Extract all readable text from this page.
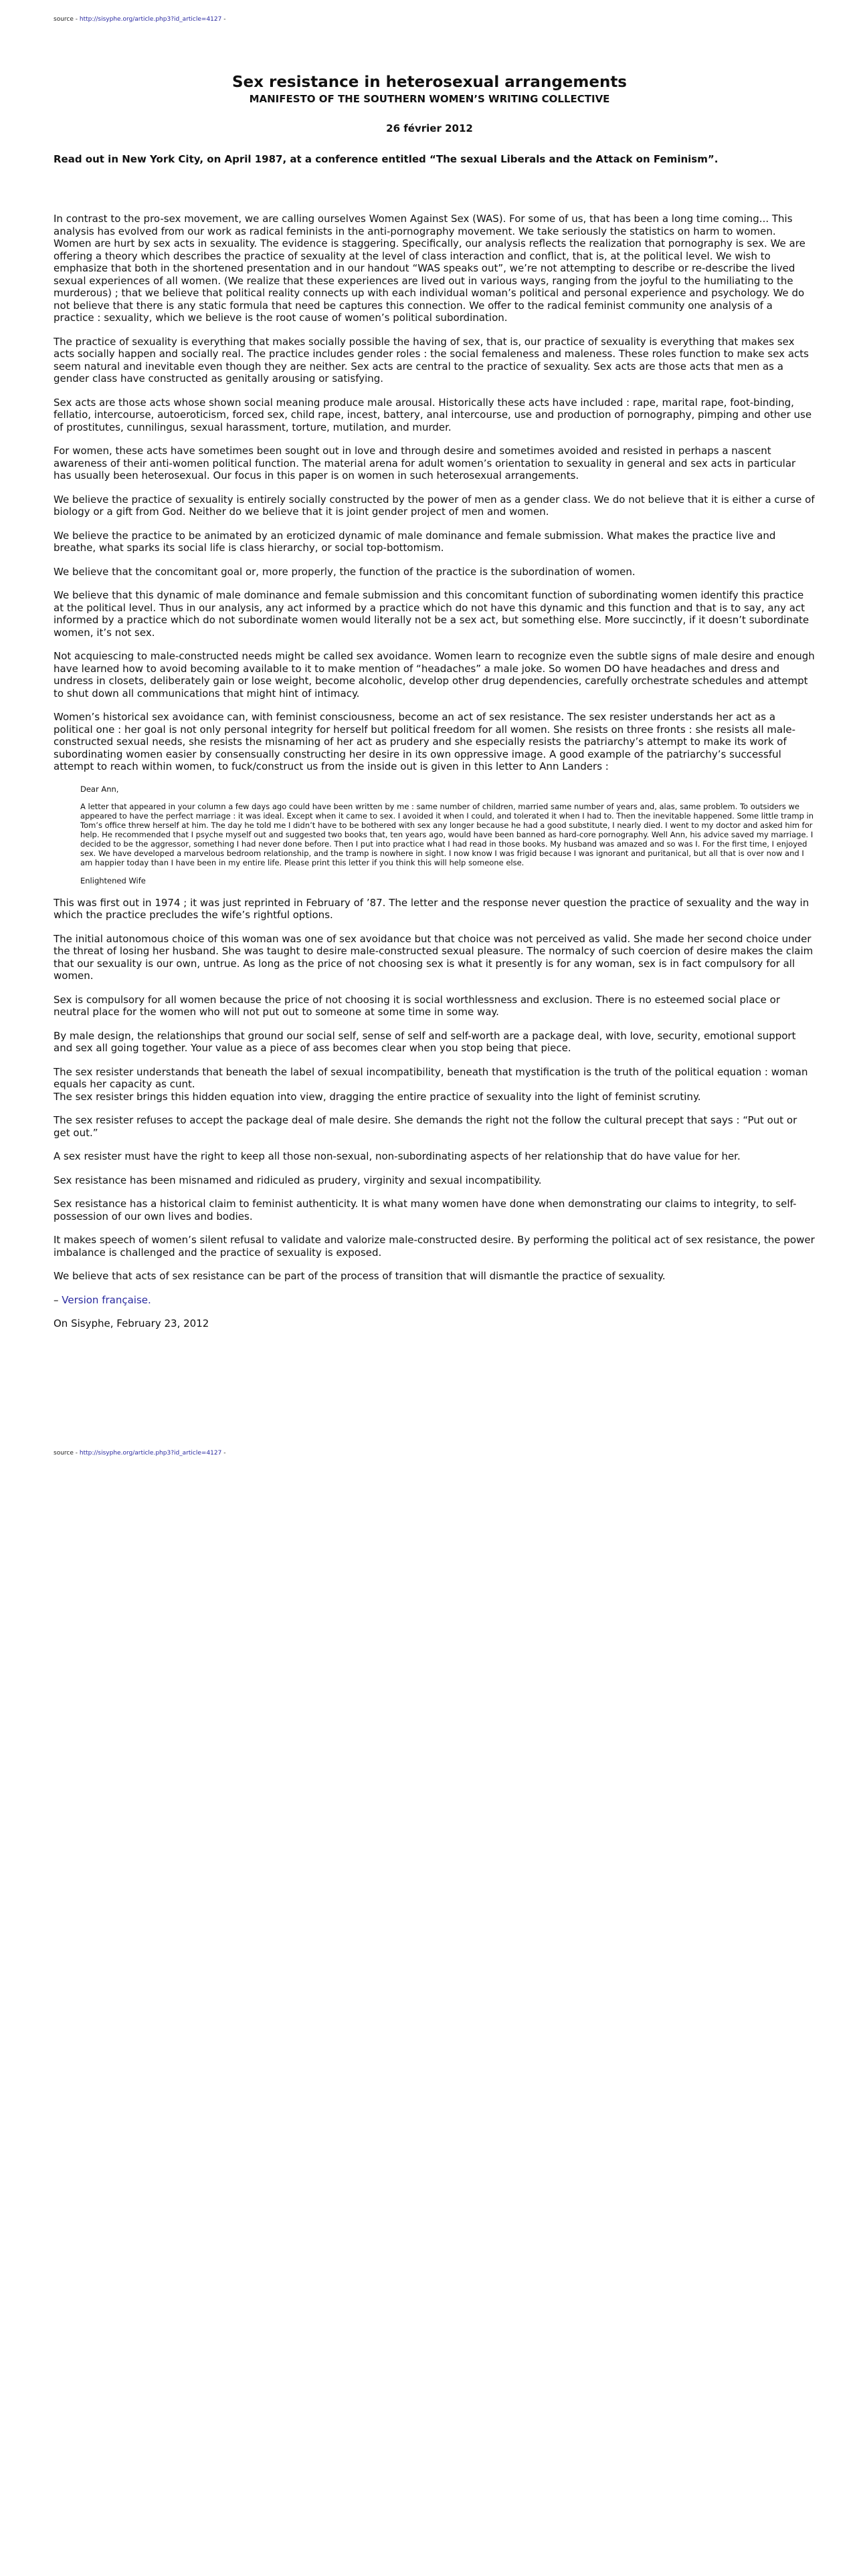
source - http://sisyphe.org/article.php3?id_article=4127 -
Sex resistance in heterosexual arrangements
MANIFESTO OF THE SOUTHERN WOMEN’S WRITING COLLECTIVE
26 février 2012

Read out in New York City, on April 1987, at a conference entitled “The sexual Liberals and the Attack on Feminism”.

In contrast to the pro-sex movement, we are calling ourselves Women Against Sex (WAS). For some of us, that has been a long time coming... This analysis has evolved from our work as radical feminists in the anti-pornography movement. We take seriously the statistics on harm to women. Women are hurt by sex acts in sexuality. The evidence is staggering. Specifically, our analysis reflects the realization that pornography is sex. We are offering a theory which describes the practice of sexuality at the level of class interaction and conflict, that is, at the political level. We wish to emphasize that both in the shortened presentation and in our handout “WAS speaks out”, we’re not attempting to describe or re-describe the lived sexual experiences of all women. (We realize that these experiences are lived out in various ways, ranging from the joyful to the humiliating to the murderous) ; that we believe that political reality connects up with each individual woman’s political and personal experience and psychology. We do not believe that there is any static formula that need be captures this connection. We offer to the radical feminist community one analysis of a practice : sexuality, which we believe is the root cause of women’s political subordination.

The practice of sexuality is everything that makes socially possible the having of sex, that is, our practice of sexuality is everything that makes sex acts socially happen and socially real. The practice includes gender roles : the social femaleness and maleness. These roles function to make sex acts seem natural and inevitable even though they are neither. Sex acts are central to the practice of sexuality. Sex acts are those acts that men as a gender class have constructed as genitally arousing or satisfying.

Sex acts are those acts whose shown social meaning produce male arousal. Historically these acts have included : rape, marital rape, foot-binding, fellatio, intercourse, autoeroticism, forced sex, child rape, incest, battery, anal intercourse, use and production of pornography, pimping and other use of prostitutes, cunnilingus, sexual harassment, torture, mutilation, and murder.

For women, these acts have sometimes been sought out in love and through desire and sometimes avoided and resisted in perhaps a nascent awareness of their anti-women political function. The material arena for adult women’s orientation to sexuality in general and sex acts in particular has usually been heterosexual. Our focus in this paper is on women in such heterosexual arrangements.

We believe the practice of sexuality is entirely socially constructed by the power of men as a gender class. We do not believe that it is either a curse of biology or a gift from God. Neither do we believe that it is joint gender project of men and women.

We believe the practice to be animated by an eroticized dynamic of male dominance and female submission. What makes the practice live and breathe, what sparks its social life is class hierarchy, or social top-bottomism.

We believe that the concomitant goal or, more properly, the function of the practice is the subordination of women.

We believe that this dynamic of male dominance and female submission and this concomitant function of subordinating women identify this practice at the political level. Thus in our analysis, any act informed by a practice which do not have this dynamic and this function and that is to say, any act informed by a practice which do not subordinate women would literally not be a sex act, but something else. More succinctly, if it doesn’t subordinate women, it’s not sex.

Not acquiescing to male-constructed needs might be called sex avoidance. Women learn to recognize even the subtle signs of male desire and enough have learned how to avoid becoming available to it to make mention of “headaches” a male joke. So women DO have headaches and dress and undress in closets, deliberately gain or lose weight, become alcoholic, develop other drug dependencies, carefully orchestrate schedules and attempt to shut down all communications that might hint of intimacy.

Women’s historical sex avoidance can, with feminist consciousness, become an act of sex resistance. The sex resister understands her act as a political one : her goal is not only personal integrity for herself but political freedom for all women. She resists on three fronts : she resists all male-constructed sexual needs, she resists the misnaming of her act as prudery and she especially resists the patriarchy’s attempt to make its work of subordinating women easier by consensually constructing her desire in its own oppressive image. A good example of the patriarchy’s successful attempt to reach within women, to fuck/construct us from the inside out is given in this letter to Ann Landers :

Dear Ann,

A letter that appeared in your column a few days ago could have been written by me : same number of children, married same number of years and, alas, same problem. To outsiders we appeared to have the perfect marriage : it was ideal. Except when it came to sex. I avoided it when I could, and tolerated it when I had to. Then the inevitable happened. Some little tramp in Tom’s office threw herself at him. The day he told me I didn’t have to be bothered with sex any longer because he had a good substitute, I nearly died. I went to my doctor and asked him for help. He recommended that I psyche myself out and suggested two books that, ten years ago, would have been banned as hard-core pornography. Well Ann, his advice saved my marriage. I decided to be the aggressor, something I had never done before. Then I put into practice what I had read in those books. My husband was amazed and so was I. For the first time, I enjoyed sex. We have developed a marvelous bedroom relationship, and the tramp is nowhere in sight. I now know I was frigid because I was ignorant and puritanical, but all that is over now and I am happier today than I have been in my entire life. Please print this letter if you think this will help someone else.

Enlightened Wife

This was first out in 1974 ; it was just reprinted in February of ’87. The letter and the response never question the practice of sexuality and the way in which the practice precludes the wife’s rightful options.

The initial autonomous choice of this woman was one of sex avoidance but that choice was not perceived as valid. She made her second choice under the threat of losing her husband. She was taught to desire male-constructed sexual pleasure. The normalcy of such coercion of desire makes the claim that our sexuality is our own, untrue. As long as the price of not choosing sex is what it presently is for any woman, sex is in fact compulsory for all women.

Sex is compulsory for all women because the price of not choosing it is social worthlessness and exclusion. There is no esteemed social place or neutral place for the women who will not put out to someone at some time in some way.

By male design, the relationships that ground our social self, sense of self and self-worth are a package deal, with love, security, emotional support and sex all going together. Your value as a piece of ass becomes clear when you stop being that piece.

The sex resister understands that beneath the label of sexual incompatibility, beneath that mystification is the truth of the political equation : woman equals her capacity as cunt.
The sex resister brings this hidden equation into view, dragging the entire practice of sexuality into the light of feminist scrutiny.

The sex resister refuses to accept the package deal of male desire. She demands the right not the follow the cultural precept that says : “Put out or get out.”

A sex resister must have the right to keep all those non-sexual, non-subordinating aspects of her relationship that do have value for her.

Sex resistance has been misnamed and ridiculed as prudery, virginity and sexual incompatibility.

Sex resistance has a historical claim to feminist authenticity. It is what many women have done when demonstrating our claims to integrity, to self-possession of our own lives and bodies.

It makes speech of women’s silent refusal to validate and valorize male-constructed desire. By performing the political act of sex resistance, the power imbalance is challenged and the practice of sexuality is exposed.

We believe that acts of sex resistance can be part of the process of transition that will dismantle the practice of sexuality.

– Version française.

On Sisyphe, February 23, 2012

source - http://sisyphe.org/article.php3?id_article=4127 -
